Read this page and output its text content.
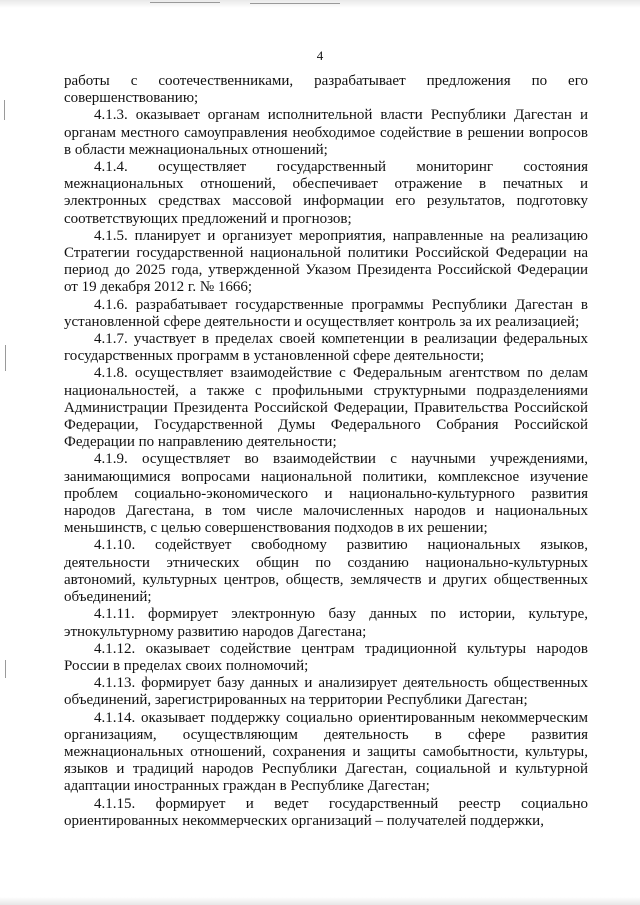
4

работы с соотечественниками, разрабатывает предложения по его совершенствованию;

4.1.3. оказывает органам исполнительной власти Республики Дагестан и органам местного самоуправления необходимое содействие в решении вопросов в области межнациональных отношений;

4.1.4. осуществляет государственный мониторинг состояния межнациональных отношений, обеспечивает отражение в печатных и электронных средствах массовой информации его результатов, подготовку соответствующих предложений и прогнозов;

4.1.5. планирует и организует мероприятия, направленные на реализацию Стратегии государственной национальной политики Российской Федерации на период до 2025 года, утвержденной Указом Президента Российской Федерации от 19 декабря 2012 г. № 1666;

4.1.6. разрабатывает государственные программы Республики Дагестан в установленной сфере деятельности и осуществляет контроль за их реализацией;

4.1.7. участвует в пределах своей компетенции в реализации федеральных государственных программ в установленной сфере деятельности;

4.1.8. осуществляет взаимодействие с Федеральным агентством по делам национальностей, а также с профильными структурными подразделениями Администрации Президента Российской Федерации, Правительства Российской Федерации, Государственной Думы Федерального Собрания Российской Федерации по направлению деятельности;

4.1.9. осуществляет во взаимодействии с научными учреждениями, занимающимися вопросами национальной политики, комплексное изучение проблем социально-экономического и национально-культурного развития народов Дагестана, в том числе малочисленных народов и национальных меньшинств, с целью совершенствования подходов в их решении;

4.1.10. содействует свободному развитию национальных языков, деятельности этнических общин по созданию национально-культурных автономий, культурных центров, обществ, землячеств и других общественных объединений;

4.1.11. формирует электронную базу данных по истории, культуре, этнокультурному развитию народов Дагестана;

4.1.12. оказывает содействие центрам традиционной культуры народов России в пределах своих полномочий;

4.1.13. формирует базу данных и анализирует деятельность общественных объединений, зарегистрированных на территории Республики Дагестан;

4.1.14. оказывает поддержку социально ориентированным некоммерческим организациям, осуществляющим деятельность в сфере развития межнациональных отношений, сохранения и защиты самобытности, культуры, языков и традиций народов Республики Дагестан, социальной и культурной адаптации иностранных граждан в Республике Дагестан;

4.1.15. формирует и ведет государственный реестр социально ориентированных некоммерческих организаций – получателей поддержки,
